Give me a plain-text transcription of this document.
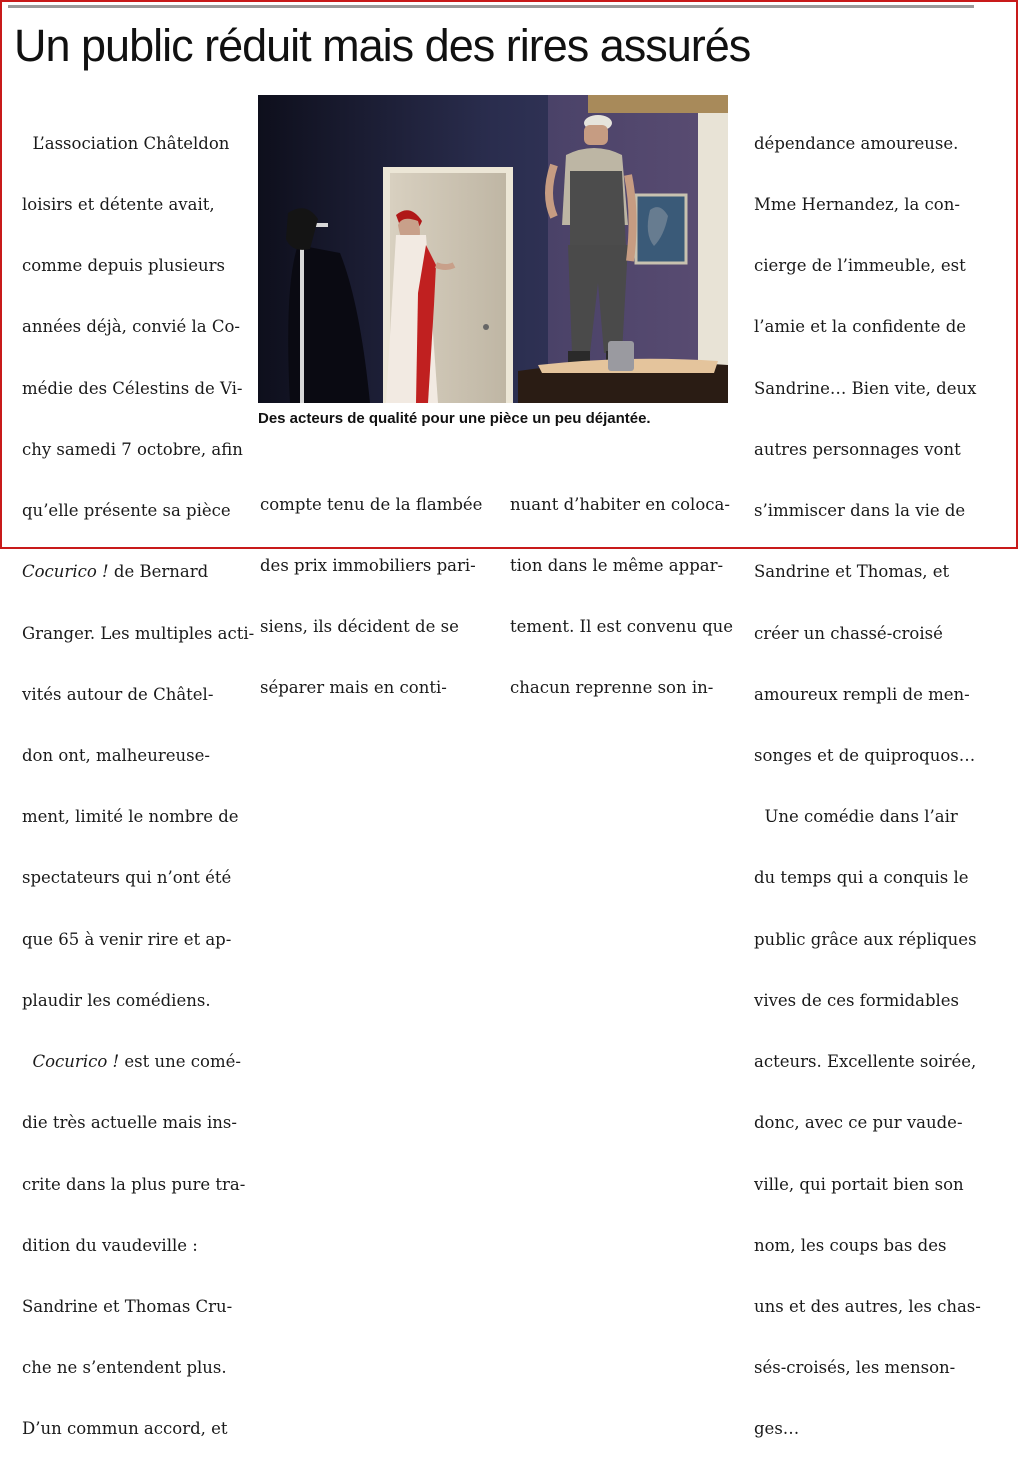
Un public réduit mais des rires assurés

L’association Châteldon

loisirs et détente avait,

comme depuis plusieurs

années déjà, convié la Co-

médie des Célestins de Vi-

chy samedi 7 octobre, afin

qu’elle présente sa pièce

Cocurico ! de Bernard

Granger. Les multiples acti-

vités autour de Châtel-

don ont, malheureuse-

ment, limité le nombre de

spectateurs qui n’ont été

que 65 à venir rire et ap-

plaudir les comédiens.

Cocurico ! est une comé-

die très actuelle mais ins-

crite dans la plus pure tra-

dition du vaudeville :

Sandrine et Thomas Cru-

che ne s’entendent plus.

D’un commun accord, et

Des acteurs de qualité pour une pièce un peu déjantée.

compte tenu de la flambée

des prix immobiliers pari-

siens, ils décident de se

séparer mais en conti-

nuant d’habiter en coloca-

tion dans le même appar-

tement. Il est convenu que

chacun reprenne son in-

dépendance amoureuse.

Mme Hernandez, la con-

cierge de l’immeuble, est

l’amie et la confidente de

Sandrine… Bien vite, deux

autres personnages vont

s’immiscer dans la vie de

Sandrine et Thomas, et

créer un chassé-croisé

amoureux rempli de men-

songes et de quiproquos…

Une comédie dans l’air

du temps qui a conquis le

public grâce aux répliques

vives de ces formidables

acteurs. Excellente soirée,

donc, avec ce pur vaude-

ville, qui portait bien son

nom, les coups bas des

uns et des autres, les chas-

sés-croisés, les menson-

ges…
